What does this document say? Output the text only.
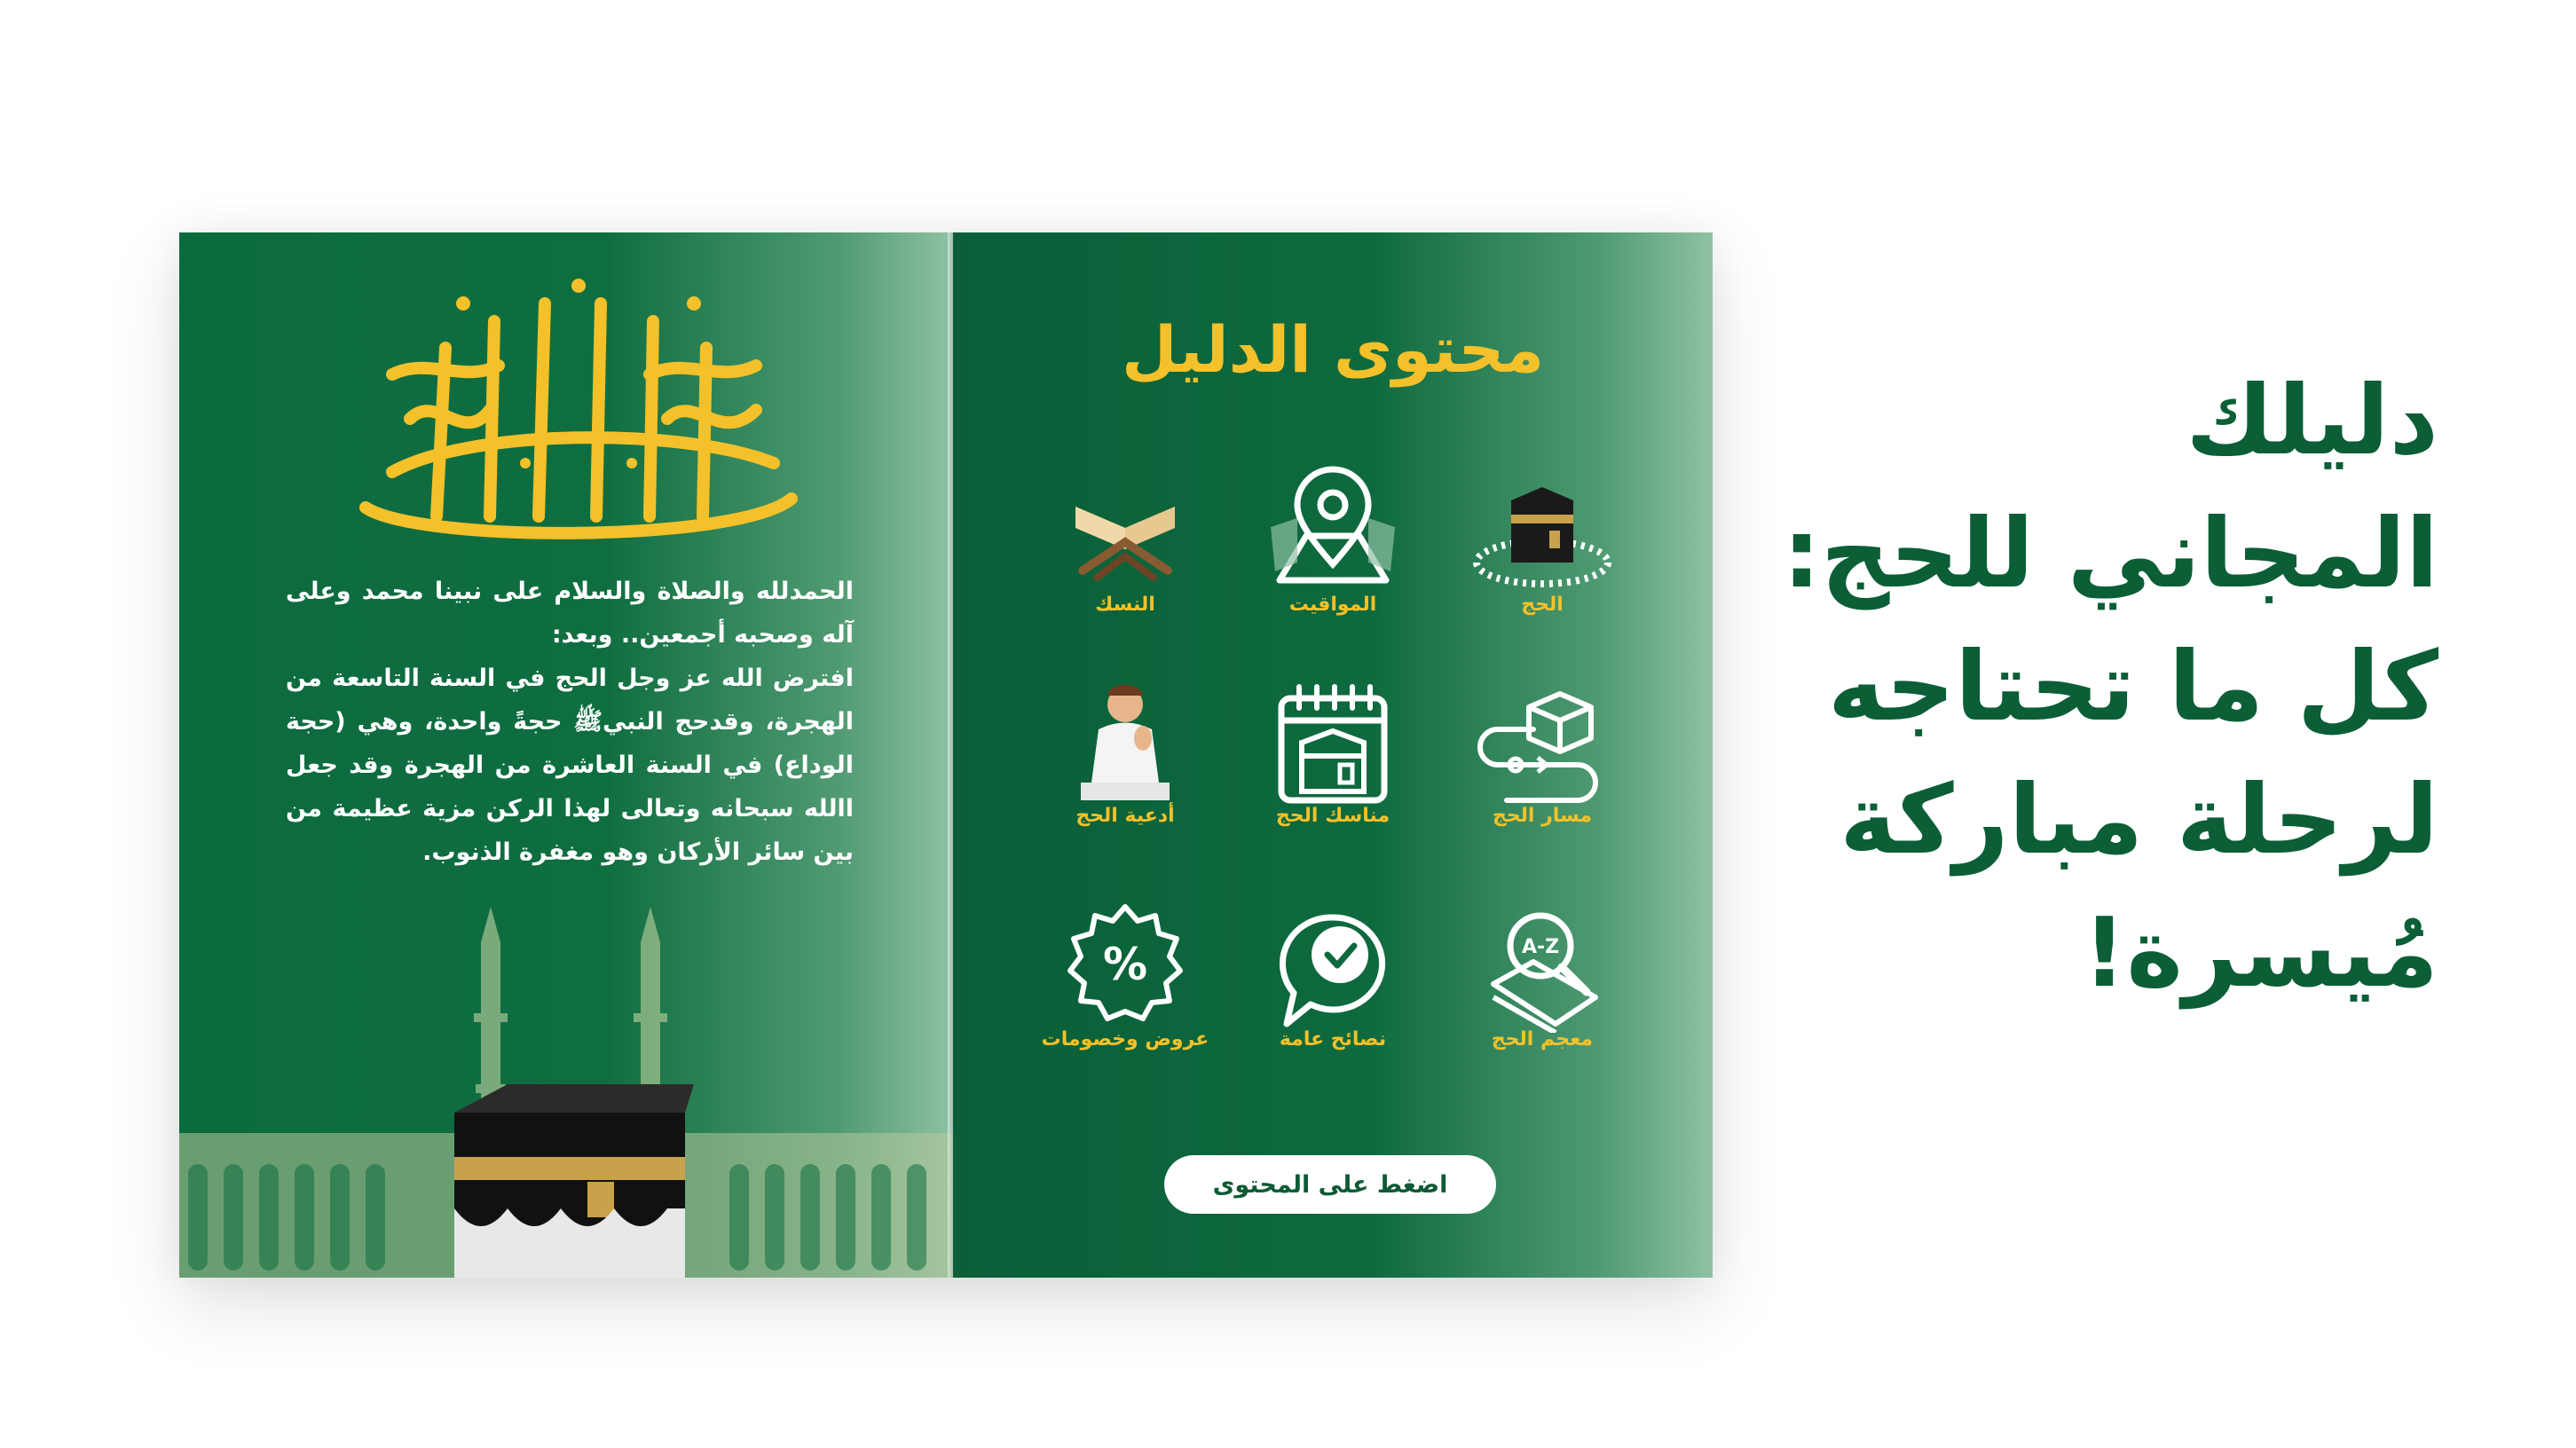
الحمدلله والصلاة والسلام على نبينا محمد وعلى آله وصحبه أجمعين.. وبعد:

افترض الله عز وجل الحج في السنة التاسعة من الهجرة، وقدحج النبيﷺ حجةً واحدة، وهي (حجة الوداع) في السنة العاشرة من الهجرة وقد جعل االله سبحانه وتعالى لهذا الركن مزية عظيمة من بين سائر الأركان وهو مغفرة الذنوب.

محتوى الدليل
الحج
المواقيت
النسك
مسار الحج
مناسك الحج
أدعية الحج
A-Z
معجم الحج
نصائح عامة
%
عروض وخصومات
اضغط على المحتوى
دليلك
المجاني للحج:
كل ما تحتاجه
لرحلة مباركة
مُيسرة!
